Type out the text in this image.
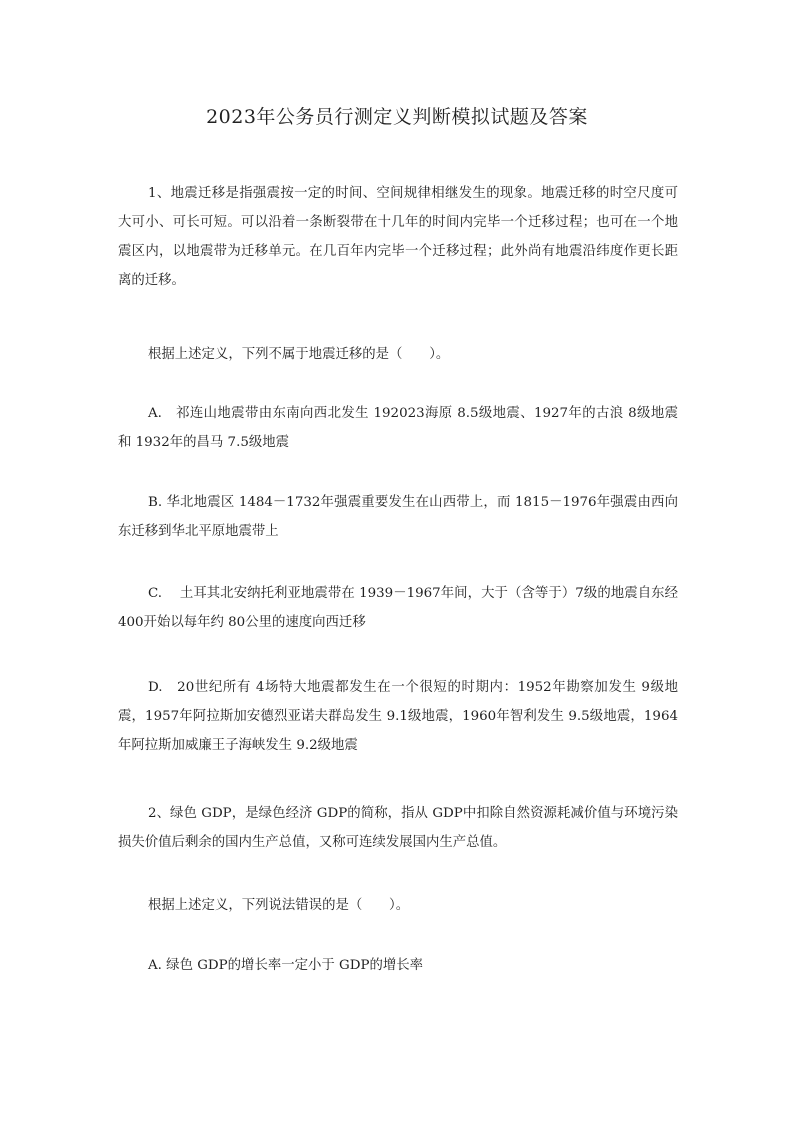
2023年公务员行测定义判断模拟试题及答案

1、地震迁移是指强震按一定的时间、空间规律相继发生的现象。地震迁移的时空尺度可大可小、可长可短。可以沿着一条断裂带在十几年的时间内完毕一个迁移过程；也可在一个地震区内，以地震带为迁移单元。在几百年内完毕一个迁移过程；此外尚有地震沿纬度作更长距离的迁移。

根据上述定义，下列不属于地震迁移的是（　　）。

A.　祁连山地震带由东南向西北发生 192023海原 8.5级地震、1927年的古浪 8级地震和 1932年的昌马 7.5级地震

B. 华北地震区 1484－1732年强震重要发生在山西带上，而 1815－1976年强震由西向东迁移到华北平原地震带上

C.　 土耳其北安纳托利亚地震带在 1939－1967年间，大于（含等于）7级的地震自东经 400开始以每年约 80公里的速度向西迁移

D.　20世纪所有 4场特大地震都发生在一个很短的时期内：1952年勘察加发生 9级地震，1957年阿拉斯加安德烈亚诺夫群岛发生 9.1级地震，1960年智利发生 9.5级地震，1964年阿拉斯加威廉王子海峡发生 9.2级地震

2、绿色 GDP，是绿色经济 GDP的简称，指从 GDP中扣除自然资源耗减价值与环境污染损失价值后剩余的国内生产总值，又称可连续发展国内生产总值。

根据上述定义，下列说法错误的是（　　）。

A. 绿色 GDP的增长率一定小于 GDP的增长率
